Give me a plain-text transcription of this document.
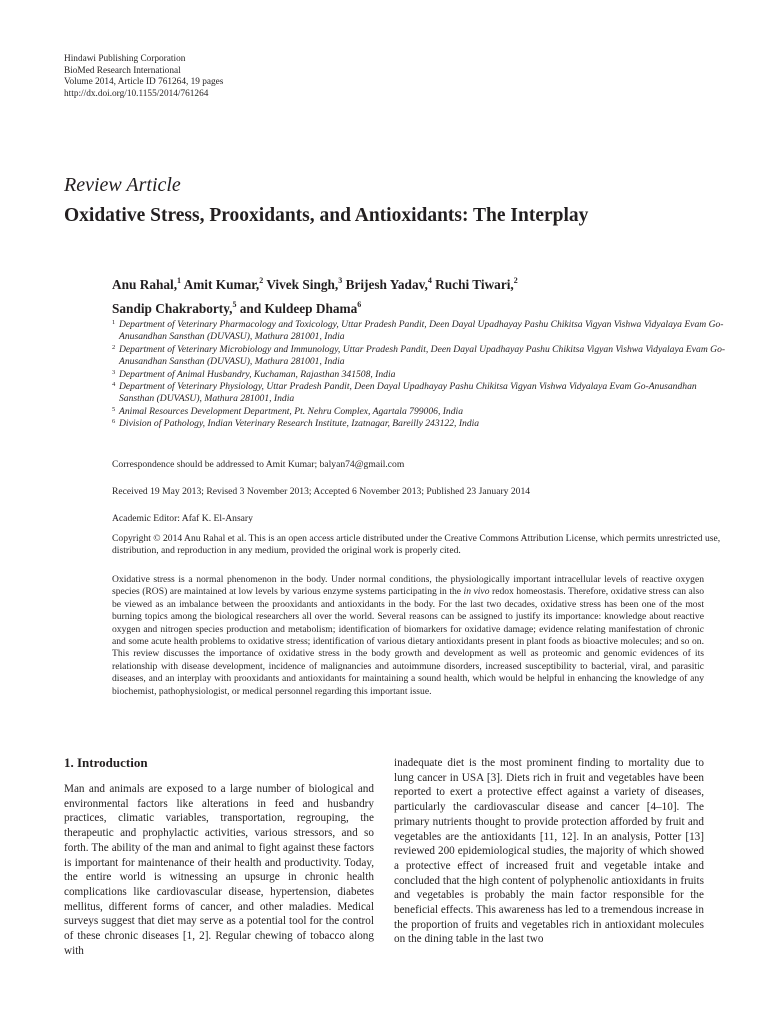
Hindawi Publishing Corporation
BioMed Research International
Volume 2014, Article ID 761264, 19 pages
http://dx.doi.org/10.1155/2014/761264
Review Article
Oxidative Stress, Prooxidants, and Antioxidants: The Interplay
Anu Rahal,$^1$ Amit Kumar,$^2$ Vivek Singh,$^3$ Brijesh Yadav,$^4$ Ruchi Tiwari,$^2$
Sandip Chakraborty,$^5$ and Kuldeep Dhama$^6$
1 Department of Veterinary Pharmacology and Toxicology, Uttar Pradesh Pandit, Deen Dayal Upadhayay Pashu Chikitsa Vigyan Vishwa Vidyalaya Evam Go-Anusandhan Sansthan (DUVASU), Mathura 281001, India
2 Department of Veterinary Microbiology and Immunology, Uttar Pradesh Pandit, Deen Dayal Upadhayay Pashu Chikitsa Vigyan Vishwa Vidyalaya Evam Go-Anusandhan Sansthan (DUVASU), Mathura 281001, India
3 Department of Animal Husbandry, Kuchaman, Rajasthan 341508, India
4 Department of Veterinary Physiology, Uttar Pradesh Pandit, Deen Dayal Upadhayay Pashu Chikitsa Vigyan Vishwa Vidyalaya Evam Go-Anusandhan Sansthan (DUVASU), Mathura 281001, India
5 Animal Resources Development Department, Pt. Nehru Complex, Agartala 799006, India
6 Division of Pathology, Indian Veterinary Research Institute, Izatnagar, Bareilly 243122, India
Correspondence should be addressed to Amit Kumar; balyan74@gmail.com
Received 19 May 2013; Revised 3 November 2013; Accepted 6 November 2013; Published 23 January 2014
Academic Editor: Afaf K. El-Ansary
Copyright © 2014 Anu Rahal et al. This is an open access article distributed under the Creative Commons Attribution License, which permits unrestricted use, distribution, and reproduction in any medium, provided the original work is properly cited.
Oxidative stress is a normal phenomenon in the body. Under normal conditions, the physiologically important intracellular levels of reactive oxygen species (ROS) are maintained at low levels by various enzyme systems participating in the in vivo redox homeostasis. Therefore, oxidative stress can also be viewed as an imbalance between the prooxidants and antioxidants in the body. For the last two decades, oxidative stress has been one of the most burning topics among the biological researchers all over the world. Several reasons can be assigned to justify its importance: knowledge about reactive oxygen and nitrogen species production and metabolism; identification of biomarkers for oxidative damage; evidence relating manifestation of chronic and some acute health problems to oxidative stress; identification of various dietary antioxidants present in plant foods as bioactive molecules; and so on. This review discusses the importance of oxidative stress in the body growth and development as well as proteomic and genomic evidences of its relationship with disease development, incidence of malignancies and autoimmune disorders, increased susceptibility to bacterial, viral, and parasitic diseases, and an interplay with prooxidants and antioxidants for maintaining a sound health, which would be helpful in enhancing the knowledge of any biochemist, pathophysiologist, or medical personnel regarding this important issue.
1. Introduction
Man and animals are exposed to a large number of biological and environmental factors like alterations in feed and husbandry practices, climatic variables, transportation, regrouping, the therapeutic and prophylactic activities, various stressors, and so forth. The ability of the man and animal to fight against these factors is important for maintenance of their health and productivity. Today, the entire world is witnessing an upsurge in chronic health complications like cardiovascular disease, hypertension, diabetes mellitus, different forms of cancer, and other maladies. Medical surveys suggest that diet may serve as a potential tool for the control of these chronic diseases [1, 2]. Regular chewing of tobacco along with
inadequate diet is the most prominent finding to mortality due to lung cancer in USA [3]. Diets rich in fruit and vegetables have been reported to exert a protective effect against a variety of diseases, particularly the cardiovascular disease and cancer [4–10]. The primary nutrients thought to provide protection afforded by fruit and vegetables are the antioxidants [11, 12]. In an analysis, Potter [13] reviewed 200 epidemiological studies, the majority of which showed a protective effect of increased fruit and vegetable intake and concluded that the high content of polyphenolic antioxidants in fruits and vegetables is probably the main factor responsible for the beneficial effects. This awareness has led to a tremendous increase in the proportion of fruits and vegetables rich in antioxidant molecules on the dining table in the last two
